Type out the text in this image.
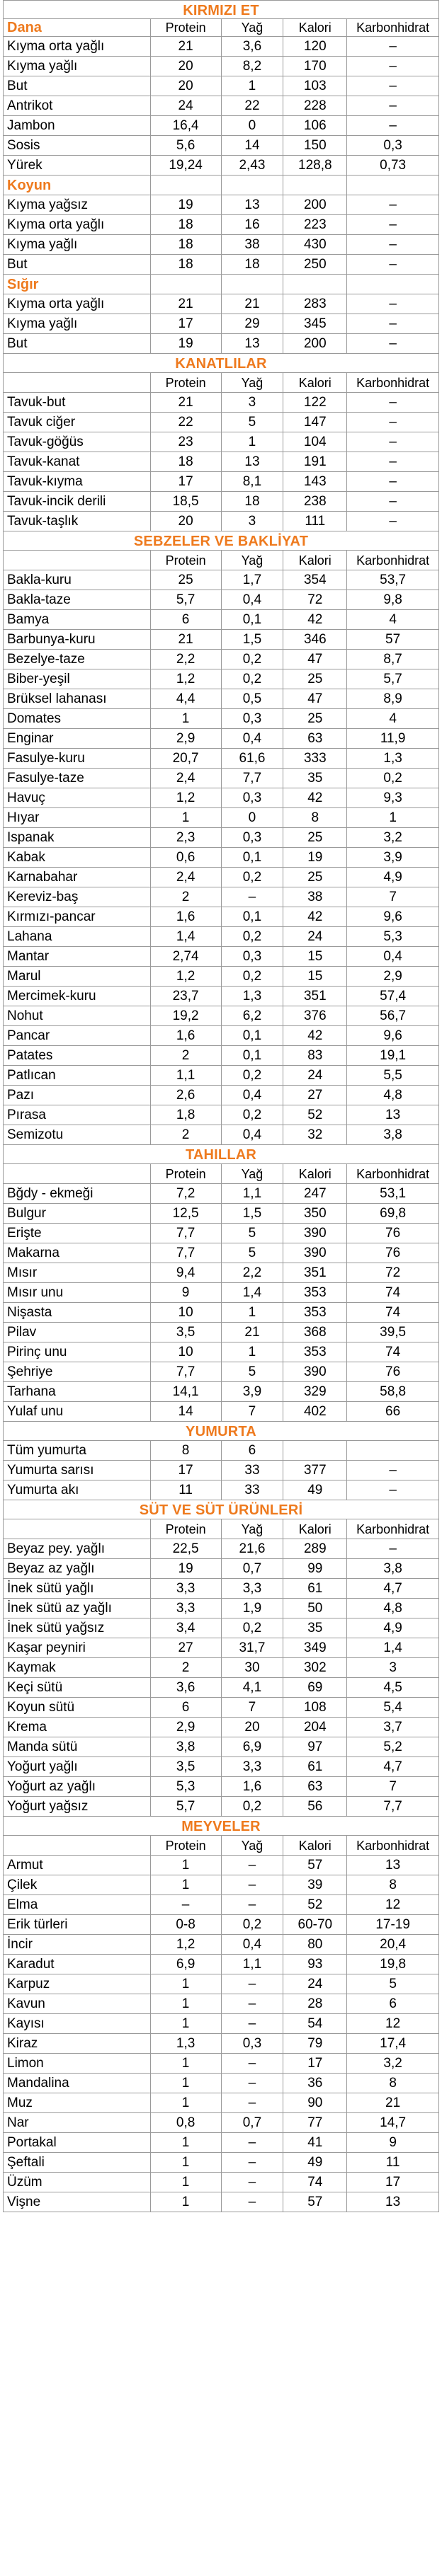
KIRMIZI ET
Dana	Protein	Yağ	Kalori	Karbonhidrat
Kıyma orta yağlı	21	3,6	120	–
Kıyma yağlı	20	8,2	170	–
But	20	1	103	–
Antrikot	24	22	228	–
Jambon	16,4	0	106	–
Sosis	5,6	14	150	0,3
Yürek	19,24	2,43	128,8	0,73
Koyun
Kıyma yağsız	19	13	200	–
Kıyma orta yağlı	18	16	223	–
Kıyma yağlı	18	38	430	–
But	18	18	250	–
Sığır
Kıyma orta yağlı	21	21	283	–
Kıyma yağlı	17	29	345	–
But	19	13	200	–
KANATLILAR
Protein	Yağ	Kalori	Karbonhidrat
Tavuk-but	21	3	122	–
Tavuk ciğer	22	5	147	–
Tavuk-göğüs	23	1	104	–
Tavuk-kanat	18	13	191	–
Tavuk-kıyma	17	8,1	143	–
Tavuk-incik derili	18,5	18	238	–
Tavuk-taşlık	20	3	111	–
SEBZELER VE BAKLİYAT
Protein	Yağ	Kalori	Karbonhidrat
Bakla-kuru	25	1,7	354	53,7
Bakla-taze	5,7	0,4	72	9,8
Bamya	6	0,1	42	4
Barbunya-kuru	21	1,5	346	57
Bezelye-taze	2,2	0,2	47	8,7
Biber-yeşil	1,2	0,2	25	5,7
Brüksel lahanası	4,4	0,5	47	8,9
Domates	1	0,3	25	4
Enginar	2,9	0,4	63	11,9
Fasulye-kuru	20,7	61,6	333	1,3
Fasulye-taze	2,4	7,7	35	0,2
Havuç	1,2	0,3	42	9,3
Hıyar	1	0	8	1
Ispanak	2,3	0,3	25	3,2
Kabak	0,6	0,1	19	3,9
Karnabahar	2,4	0,2	25	4,9
Kereviz-baş	2	–	38	7
Kırmızı-pancar	1,6	0,1	42	9,6
Lahana	1,4	0,2	24	5,3
Mantar	2,74	0,3	15	0,4
Marul	1,2	0,2	15	2,9
Mercimek-kuru	23,7	1,3	351	57,4
Nohut	19,2	6,2	376	56,7
Pancar	1,6	0,1	42	9,6
Patates	2	0,1	83	19,1
Patlıcan	1,1	0,2	24	5,5
Pazı	2,6	0,4	27	4,8
Pırasa	1,8	0,2	52	13
Semizotu	2	0,4	32	3,8
TAHILLAR
Protein	Yağ	Kalori	Karbonhidrat
Bğdy - ekmeği	7,2	1,1	247	53,1
Bulgur	12,5	1,5	350	69,8
Erişte	7,7	5	390	76
Makarna	7,7	5	390	76
Mısır	9,4	2,2	351	72
Mısır unu	9	1,4	353	74
Nişasta	10	1	353	74
Pilav	3,5	21	368	39,5
Pirinç unu	10	1	353	74
Şehriye	7,7	5	390	76
Tarhana	14,1	3,9	329	58,8
Yulaf unu	14	7	402	66
YUMURTA
Tüm yumurta	8	6
Yumurta sarısı	17	33	377	–
Yumurta akı	11	33	49	–
SÜT VE SÜT ÜRÜNLERİ
Protein	Yağ	Kalori	Karbonhidrat
Beyaz pey. yağlı	22,5	21,6	289	–
Beyaz az yağlı	19	0,7	99	3,8
İnek sütü yağlı	3,3	3,3	61	4,7
İnek sütü az yağlı	3,3	1,9	50	4,8
İnek sütü yağsız	3,4	0,2	35	4,9
Kaşar peyniri	27	31,7	349	1,4
Kaymak	2	30	302	3
Keçi sütü	3,6	4,1	69	4,5
Koyun sütü	6	7	108	5,4
Krema	2,9	20	204	3,7
Manda sütü	3,8	6,9	97	5,2
Yoğurt yağlı	3,5	3,3	61	4,7
Yoğurt az yağlı	5,3	1,6	63	7
Yoğurt yağsız	5,7	0,2	56	7,7
MEYVELER
Protein	Yağ	Kalori	Karbonhidrat
Armut	1	–	57	13
Çilek	1	–	39	8
Elma	–	–	52	12
Erik türleri	0-8	0,2	60-70	17-19
İncir	1,2	0,4	80	20,4
Karadut	6,9	1,1	93	19,8
Karpuz	1	–	24	5
Kavun	1	–	28	6
Kayısı	1	–	54	12
Kiraz	1,3	0,3	79	17,4
Limon	1	–	17	3,2
Mandalina	1	–	36	8
Muz	1	–	90	21
Nar	0,8	0,7	77	14,7
Portakal	1	–	41	9
Şeftali	1	–	49	11
Üzüm	1	–	74	17
Vişne	1	–	57	13
